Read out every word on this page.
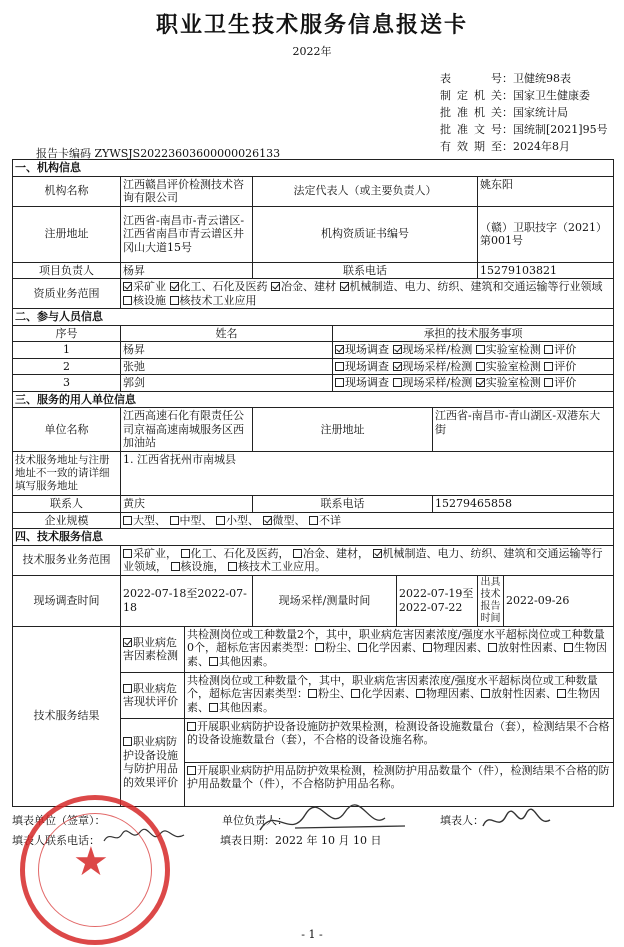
职业卫生技术服务信息报送卡
2022年
表　　号：卫健统98表
制定机关：国家卫生健康委
批准机关：国家统计局
批准文号：国统制[2021]95号
有效期至：2024年8月
报告卡编码 ZYWSJS20223603600000026133
一、机构信息								
机构名称	江西赣昌评价检测技术咨询有限公司		法定代表人（或主要负责人）				姚东阳	
注册地址	江西省-南昌市-青云谱区-江西省南昌市青云谱区井冈山大道15号		机构资质证书编号				（赣）卫职技字（2021）第001号	
项目负责人	杨昇		联系电话				15279103821	
资质业务范围	采矿业 化工、石化及医药 冶金、建材 机械制造、电力、纺织、建筑和交通运输等行业领域 核设施 核技术工业应用							
二、参与人员信息								
序号	姓名			承担的技术服务事项				
1	杨昇			现场调查 现场采样/检测 实验室检测 评价				
2	张弛			现场调查 现场采样/检测 实验室检测 评价				
3	郭剑			现场调查 现场采样/检测 实验室检测 评价				
三、服务的用人单位信息								
单位名称	江西高速石化有限责任公司京福高速南城服务区西加油站		注册地址			江西省-南昌市-青山湖区-双港东大街		
技术服务地址与注册地址不一致的请详细填写服务地址	1. 江西省抚州市南城县							
联系人	黄庆		联系电话			15279465858		
企业规模	大型、 中型、 小型、 微型、 不详							
四、技术服务信息								
技术服务业务范围	采矿业， 化工、石化及医药， 冶金、建材， 机械制造、电力、纺织、建筑和交通运输等行业领域， 核设施， 核技术工业应用。							
现场调查时间	2022-07-18至2022-07-18		现场采样/测量时间		2022-07-19至2022-07-22		出具技术报告时间	2022-09-26
技术服务结果	职业病危害因素检测	共检测岗位或工种数量2个，其中，职业病危害因素浓度/强度水平超标岗位或工种数量0个，超标危害因素类型： 粉尘、 化学因素、 物理因素、 放射性因素、 生物因素、 其他因素。						
	职业病危害现状评价	共检测岗位或工种数量个，其中，职业病危害因素浓度/强度水平超标岗位或工种数量个，超标危害因素类型： 粉尘、 化学因素、 物理因素、 放射性因素、 生物因素、 其他因素。						
	职业病防护设备设施与防护用品的效果评价	开展职业病防护设备设施防护效果检测，检测设备设施数量台（套），检测结果不合格的设备设施数量台（套），不合格的设备设施名称。						
		开展职业病防护用品防护效果检测，检测防护用品数量个（件），检测结果不合格的防护用品数量个（件），不合格防护用品名称。						
填表单位（签章）：	单位负责人：	填表人：
填表人联系电话：	填表日期：2022 年 10 月 10 日
★
- 1 -
